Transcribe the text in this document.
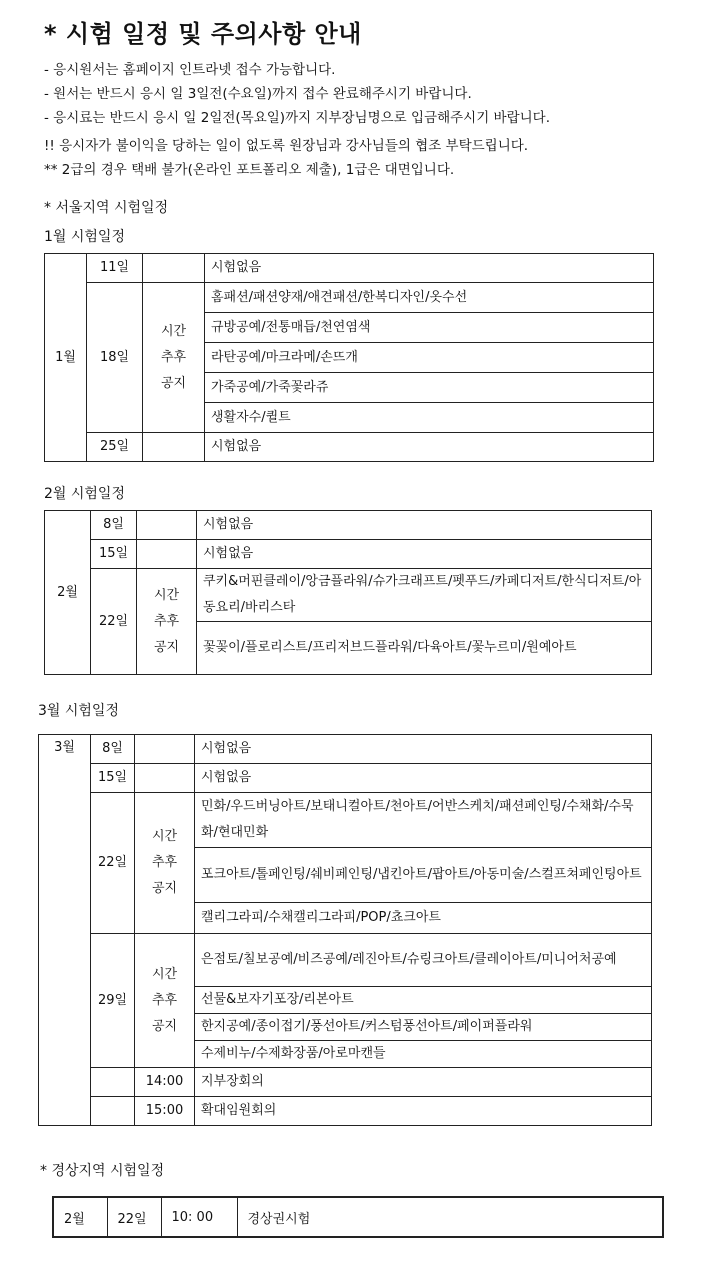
* 시험 일정 및 주의사항 안내
- 응시원서는 홈페이지 인트라넷 접수 가능합니다.
- 원서는 반드시 응시 일 3일전(수요일)까지 접수 완료해주시기 바랍니다.
- 응시료는 반드시 응시 일 2일전(목요일)까지 지부장님명으로 입금해주시기 바랍니다.
!! 응시자가 불이익을 당하는 일이 없도록 원장님과 강사님들의 협조 부탁드립니다.
** 2급의 경우 택배 불가(온라인 포트폴리오 제출), 1급은 대면입니다.
* 서울지역 시험일정
1월 시험일정
1월	11일		시험없음
	18일	시간
추후
공지	홈패션/패션양재/애견패션/한복디자인/옷수선
			규방공예/전통매듭/천연염색
			라탄공예/마크라메/손뜨개
			가죽공예/가죽꽃라쥬
			생활자수/퀼트
	25일		시험없음
2월 시험일정
2월	8일		시험없음
	15일		시험없음
	22일	시간
추후
공지	쿠키&머핀클레이/앙금플라워/슈가크래프트/펫푸드/카페디저트/한식디저트/아동요리/바리스타
			꽃꽂이/플로리스트/프리저브드플라워/다육아트/꽃누르미/원예아트
3월 시험일정
3월	8일		시험없음
	15일		시험없음
	22일	시간
추후
공지	민화/우드버닝아트/보태니컬아트/천아트/어반스케치/패션페인팅/수채화/수묵화/현대민화
			포크아트/톨페인팅/쉐비페인팅/냅킨아트/팝아트/아동미술/스컬프쳐페인팅아트
			캘리그라피/수채캘리그라피/POP/쵸크아트
	29일	시간
추후
공지	은점토/칠보공예/비즈공예/레진아트/슈링크아트/클레이아트/미니어처공예
			선물&보자기포장/리본아트
			한지공예/종이접기/풍선아트/커스텀풍선아트/페이퍼플라워
			수제비누/수제화장품/아로마캔들
		14:00	지부장회의
		15:00	확대임원회의
* 경상지역 시험일정
2월	22일	10: 00	경상권시험
